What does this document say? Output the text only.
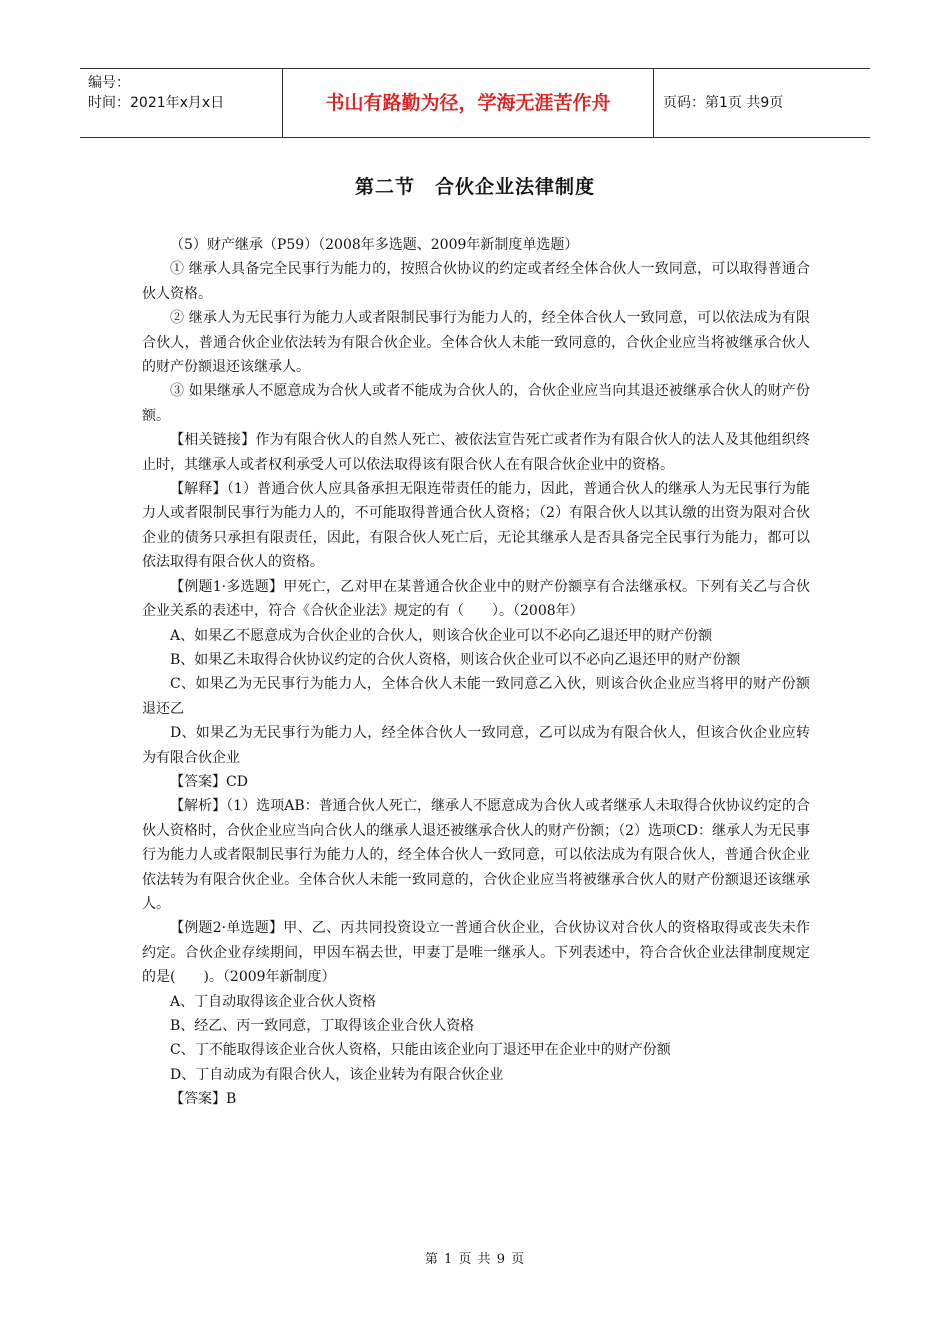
编号：
时间：2021年x月x日	书山有路勤为径，学海无涯苦作舟	页码：第1页 共9页
第二节　合伙企业法律制度

（5）财产继承（P59）（2008年多选题、2009年新制度单选题）

① 继承人具备完全民事行为能力的，按照合伙协议的约定或者经全体合伙人一致同意，可以取得普通合伙人资格。

② 继承人为无民事行为能力人或者限制民事行为能力人的，经全体合伙人一致同意，可以依法成为有限合伙人，普通合伙企业依法转为有限合伙企业。全体合伙人未能一致同意的，合伙企业应当将被继承合伙人的财产份额退还该继承人。

③ 如果继承人不愿意成为合伙人或者不能成为合伙人的，合伙企业应当向其退还被继承合伙人的财产份额。

【相关链接】作为有限合伙人的自然人死亡、被依法宣告死亡或者作为有限合伙人的法人及其他组织终止时，其继承人或者权利承受人可以依法取得该有限合伙人在有限合伙企业中的资格。

【解释】（1）普通合伙人应具备承担无限连带责任的能力，因此，普通合伙人的继承人为无民事行为能力人或者限制民事行为能力人的，不可能取得普通合伙人资格；（2）有限合伙人以其认缴的出资为限对合伙企业的债务只承担有限责任，因此，有限合伙人死亡后，无论其继承人是否具备完全民事行为能力，都可以依法取得有限合伙人的资格。

【例题1·多选题】甲死亡，乙对甲在某普通合伙企业中的财产份额享有合法继承权。下列有关乙与合伙企业关系的表述中，符合《合伙企业法》规定的有（　　）。（2008年）

A、如果乙不愿意成为合伙企业的合伙人，则该合伙企业可以不必向乙退还甲的财产份额

B、如果乙未取得合伙协议约定的合伙人资格，则该合伙企业可以不必向乙退还甲的财产份额

C、如果乙为无民事行为能力人，全体合伙人未能一致同意乙入伙，则该合伙企业应当将甲的财产份额退还乙

D、如果乙为无民事行为能力人，经全体合伙人一致同意，乙可以成为有限合伙人，但该合伙企业应转为有限合伙企业

【答案】CD

【解析】（1）选项AB：普通合伙人死亡，继承人不愿意成为合伙人或者继承人未取得合伙协议约定的合伙人资格时，合伙企业应当向合伙人的继承人退还被继承合伙人的财产份额；（2）选项CD：继承人为无民事行为能力人或者限制民事行为能力人的，经全体合伙人一致同意，可以依法成为有限合伙人，普通合伙企业依法转为有限合伙企业。全体合伙人未能一致同意的，合伙企业应当将被继承合伙人的财产份额退还该继承人。

【例题2·单选题】甲、乙、丙共同投资设立一普通合伙企业，合伙协议对合伙人的资格取得或丧失未作约定。合伙企业存续期间，甲因车祸去世，甲妻丁是唯一继承人。下列表述中，符合合伙企业法律制度规定的是(　　)。（2009年新制度）

A、丁自动取得该企业合伙人资格

B、经乙、丙一致同意，丁取得该企业合伙人资格

C、丁不能取得该企业合伙人资格，只能由该企业向丁退还甲在企业中的财产份额

D、丁自动成为有限合伙人，该企业转为有限合伙企业

【答案】B

第 1 页 共 9 页
